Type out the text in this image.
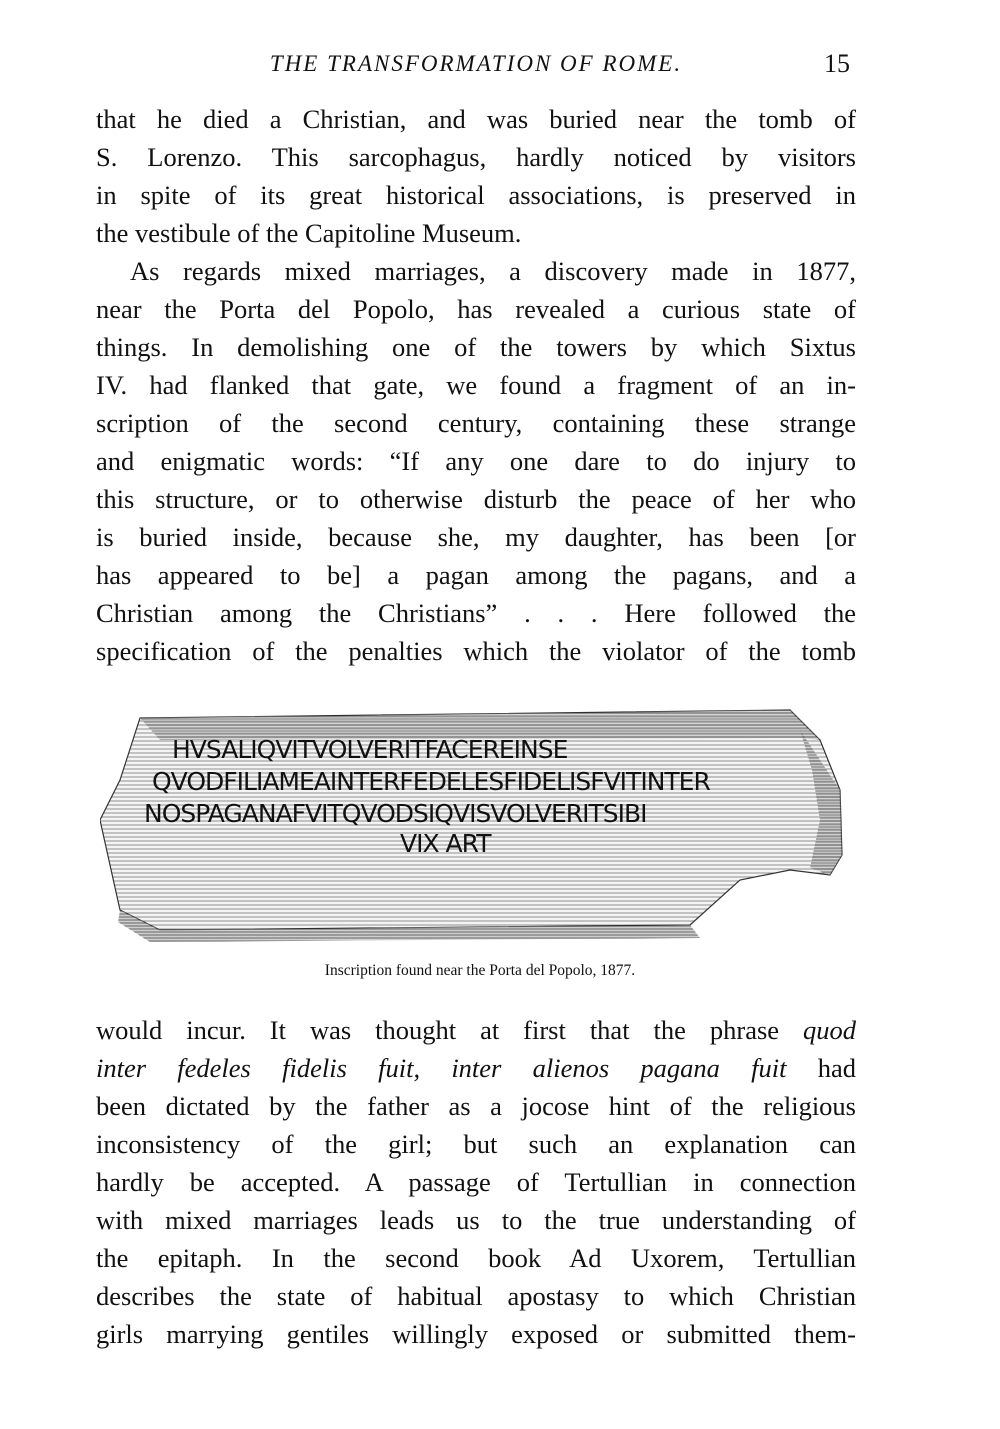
THE TRANSFORMATION OF ROME.	15
that he died a Christian, and was buried near the tomb of
S. Lorenzo. This sarcophagus, hardly noticed by visitors
in spite of its great historical associations, is preserved in
the vestibule of the Capitoline Museum.
As regards mixed marriages, a discovery made in 1877,
near the Porta del Popolo, has revealed a curious state of
things. In demolishing one of the towers by which Sixtus
IV. had flanked that gate, we found a fragment of an in-
scription of the second century, containing these strange
and enigmatic words: “If any one dare to do injury to
this structure, or to otherwise disturb the peace of her who
is buried inside, because she, my daughter, has been [or
has appeared to be] a pagan among the pagans, and a
Christian among the Christians” . . . Here followed the
specification of the penalties which the violator of the tomb
HVSALIQVITVOLVERITFACEREINSE
QVODFILIAMEAINTERFEDELESFIDELISFVITINTER
NOSPAGANAFVITQVODSIQVISVOLVERITSIBI
VIX ART
Inscription found near the Porta del Popolo, 1877.
would incur. It was thought at first that the phrase quod
inter fedeles fidelis fuit, inter alienos pagana fuit had
been dictated by the father as a jocose hint of the religious
inconsistency of the girl; but such an explanation can
hardly be accepted. A passage of Tertullian in connection
with mixed marriages leads us to the true understanding of
the epitaph. In the second book Ad Uxorem, Tertullian
describes the state of habitual apostasy to which Christian
girls marrying gentiles willingly exposed or submitted them-
